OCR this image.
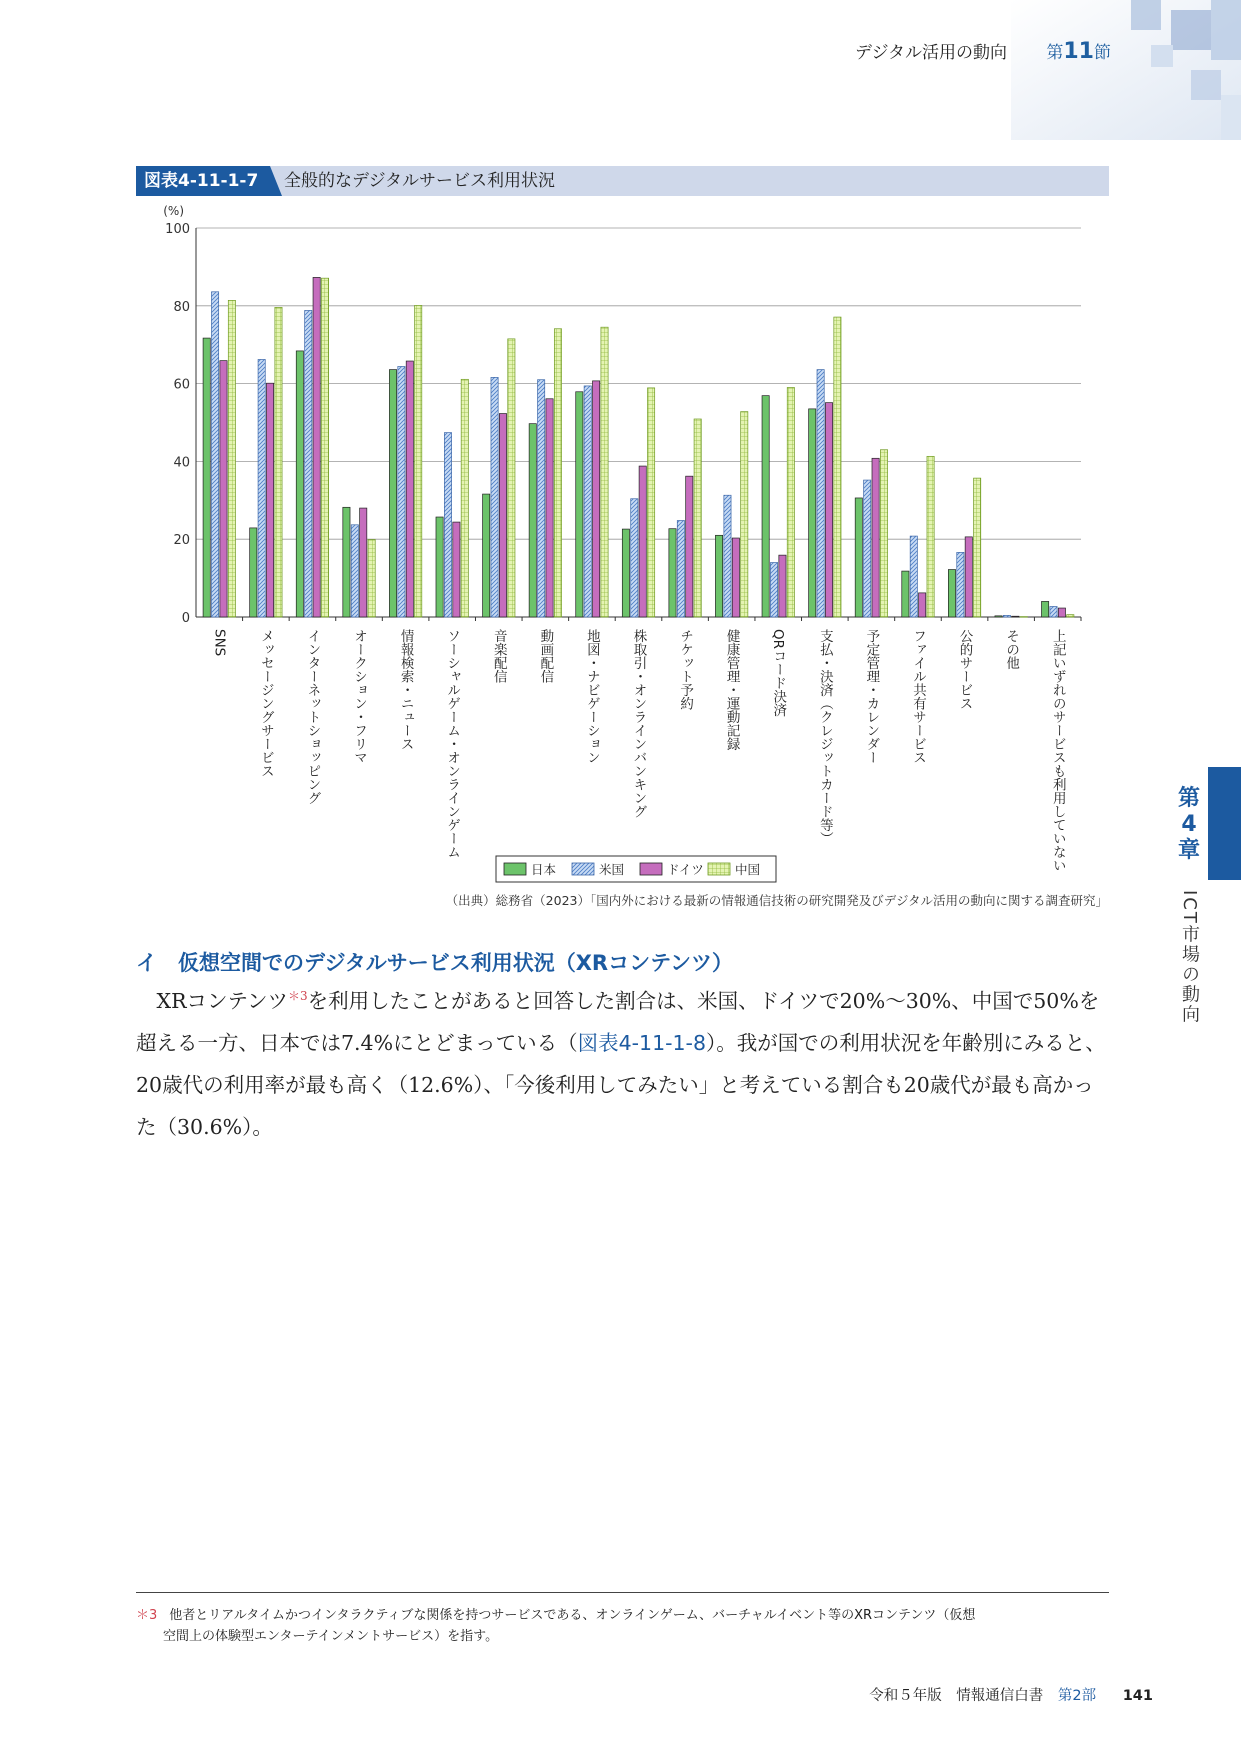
デジタル活用の動向 第11節
図表4-11-1-7	全般的なデジタルサービス利用状況
0
20
40
60
80
100
(%)
SNS メッセージングサービス インターネットショッピング オークション・フリマ 情報検索・ニュース ソーシャルゲーム・オンラインゲーム 音楽配信 動画配信 地図・ナビゲーション 株取引・オンラインバンキング チケット予約 健康管理・運動記録 QRコード決済 支払・決済（クレジットカード等） 予定管理・カレンダー ファイル共有サービス 公的サービス その他 上記いずれのサービスも利用していない
日本	米国	ドイツ 中国
（出典）総務省（2023）「国内外における最新の情報通信技術の研究開発及びデジタル活用の動向に関する調査研究」
イ　仮想空間でのデジタルサービス利用状況（XRコンテンツ）

XRコンテンツ$^{*3}$を利用したことがあると回答した割合は、米国、ドイツで20%～30%、中国で50%を超える一方、日本では7.4%にとどまっている（図表4-11-1-8）。我が国での利用状況を年齢別にみると、20歳代の利用率が最も高く（12.6%）、「今後利用してみたい」と考えている割合も20歳代が最も高かった（30.6%）。

第
4
章
ICT市場の動向
＊3 他者とリアルタイムかつインタラクティブな関係を持つサービスである、オンラインゲーム、バーチャルイベント等のXRコンテンツ（仮想
空間上の体験型エンターテインメントサービス）を指す。
令和５年版　情報通信白書 第2部 141
